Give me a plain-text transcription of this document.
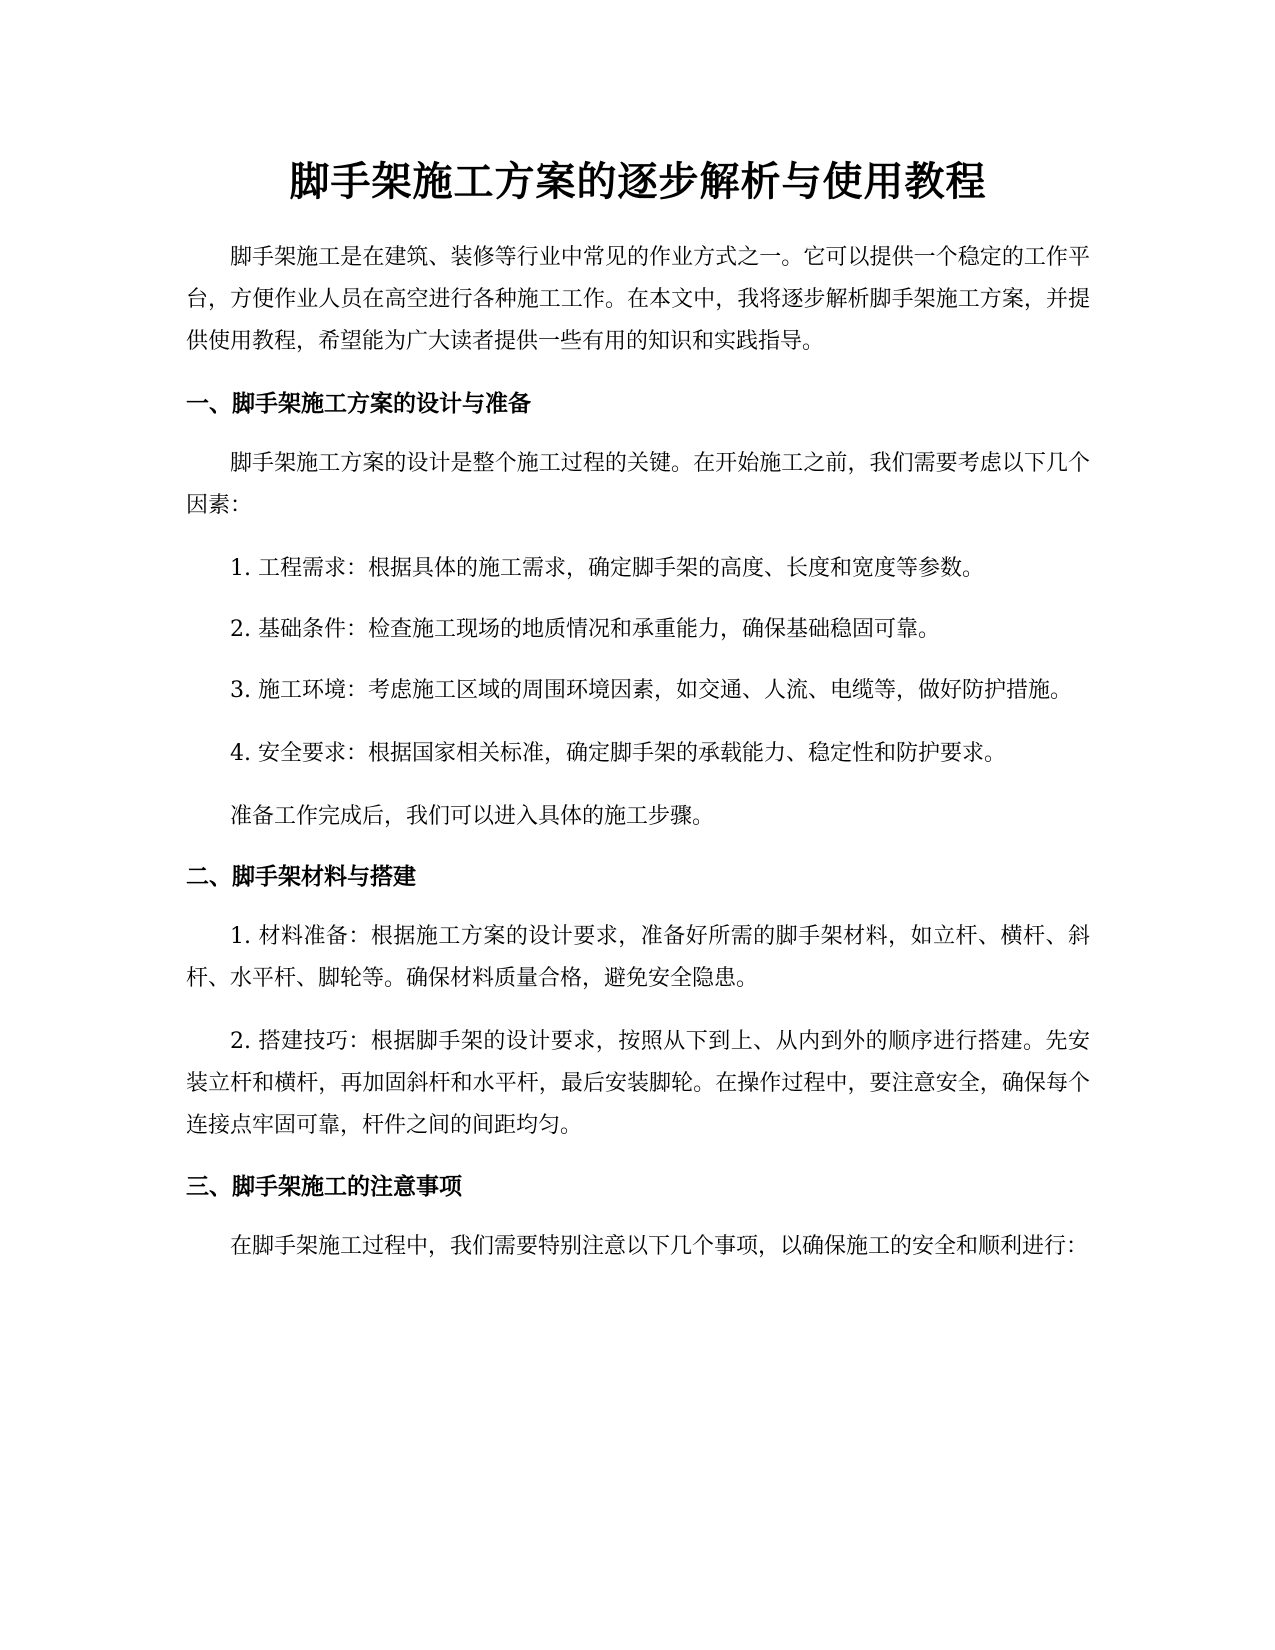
脚手架施工方案的逐步解析与使用教程

脚手架施工是在建筑、装修等行业中常见的作业方式之一。它可以提供一个稳定的工作平台，方便作业人员在高空进行各种施工工作。在本文中，我将逐步解析脚手架施工方案，并提供使用教程，希望能为广大读者提供一些有用的知识和实践指导。

一、脚手架施工方案的设计与准备

脚手架施工方案的设计是整个施工过程的关键。在开始施工之前，我们需要考虑以下几个因素：

1. 工程需求：根据具体的施工需求，确定脚手架的高度、长度和宽度等参数。

2. 基础条件：检查施工现场的地质情况和承重能力，确保基础稳固可靠。

3. 施工环境：考虑施工区域的周围环境因素，如交通、人流、电缆等，做好防护措施。

4. 安全要求：根据国家相关标准，确定脚手架的承载能力、稳定性和防护要求。

准备工作完成后，我们可以进入具体的施工步骤。

二、脚手架材料与搭建

1. 材料准备：根据施工方案的设计要求，准备好所需的脚手架材料，如立杆、横杆、斜杆、水平杆、脚轮等。确保材料质量合格，避免安全隐患。

2. 搭建技巧：根据脚手架的设计要求，按照从下到上、从内到外的顺序进行搭建。先安装立杆和横杆，再加固斜杆和水平杆，最后安装脚轮。在操作过程中，要注意安全，确保每个连接点牢固可靠，杆件之间的间距均匀。

三、脚手架施工的注意事项

在脚手架施工过程中，我们需要特别注意以下几个事项，以确保施工的安全和顺利进行：
